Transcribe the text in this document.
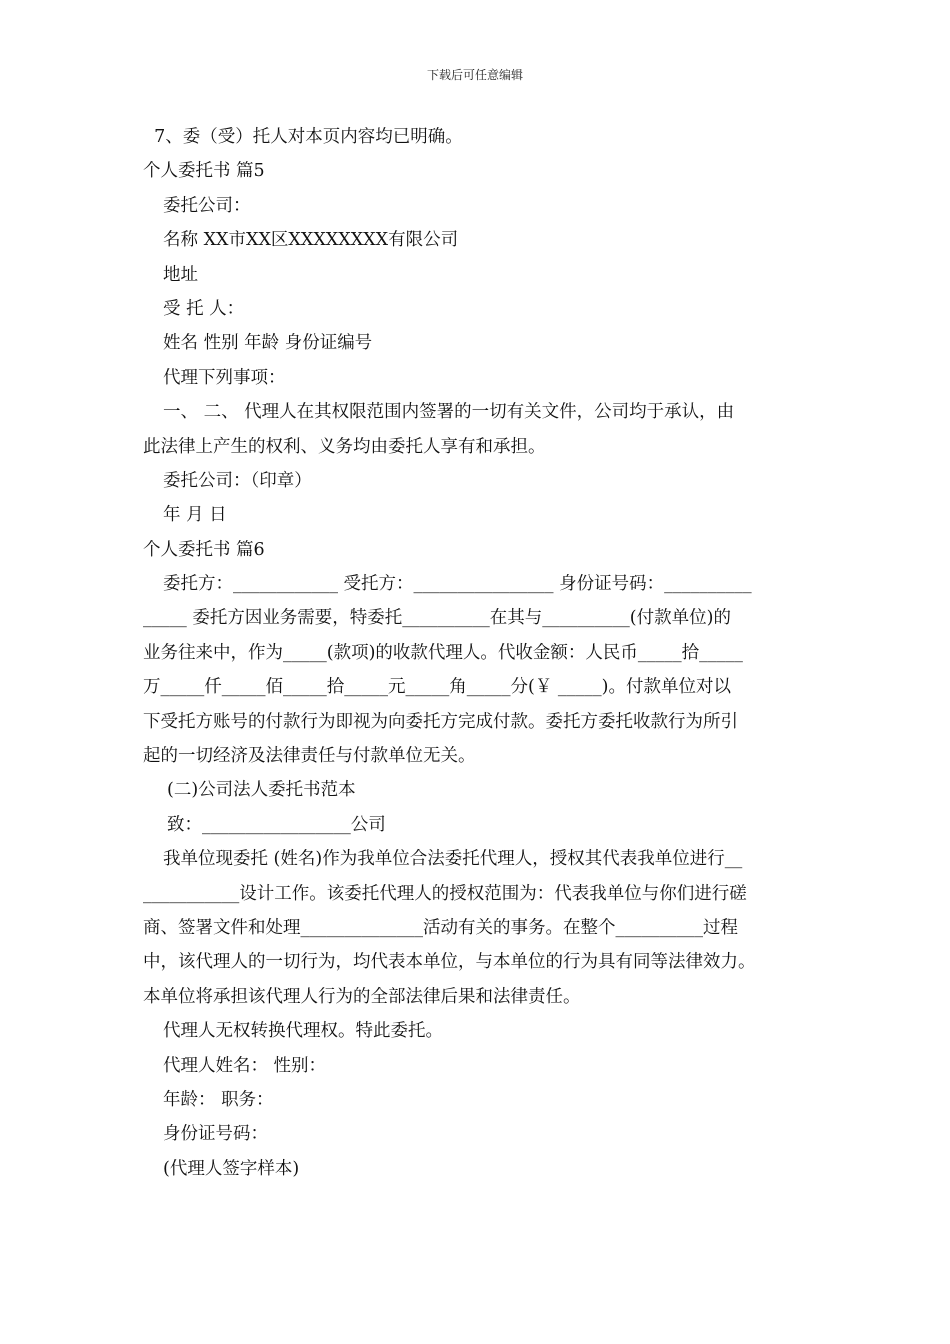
下载后可任意编辑
7、委（受）托人对本页内容均已明确。
个人委托书 篇5
委托公司：
名称 XX市XX区XXXXXXXX有限公司
地址
受 托 人：
姓名 性别 年龄 身份证编号
代理下列事项：
一、 二、 代理人在其权限范围内签署的一切有关文件，公司均于承认，由
此法律上产生的权利、义务均由委托人享有和承担。
委托公司：（印章）
年 月 日
个人委托书 篇6
委托方：____________ 受托方：________________ 身份证号码：__________
_____ 委托方因业务需要，特委托__________在其与__________(付款单位)的
业务往来中，作为_____(款项)的收款代理人。代收金额：人民币_____拾_____
万_____仟_____佰_____拾_____元_____角_____分(￥ _____)。付款单位对以
下受托方账号的付款行为即视为向委托方完成付款。委托方委托收款行为所引
起的一切经济及法律责任与付款单位无关。
(二)公司法人委托书范本
致：_________________公司
我单位现委托 (姓名)作为我单位合法委托代理人，授权其代表我单位进行__
___________设计工作。该委托代理人的授权范围为：代表我单位与你们进行磋
商、签署文件和处理______________活动有关的事务。在整个__________过程
中，该代理人的一切行为，均代表本单位，与本单位的行为具有同等法律效力。
本单位将承担该代理人行为的全部法律后果和法律责任。
代理人无权转换代理权。特此委托。
代理人姓名： 性别：
年龄： 职务：
身份证号码：
(代理人签字样本)
